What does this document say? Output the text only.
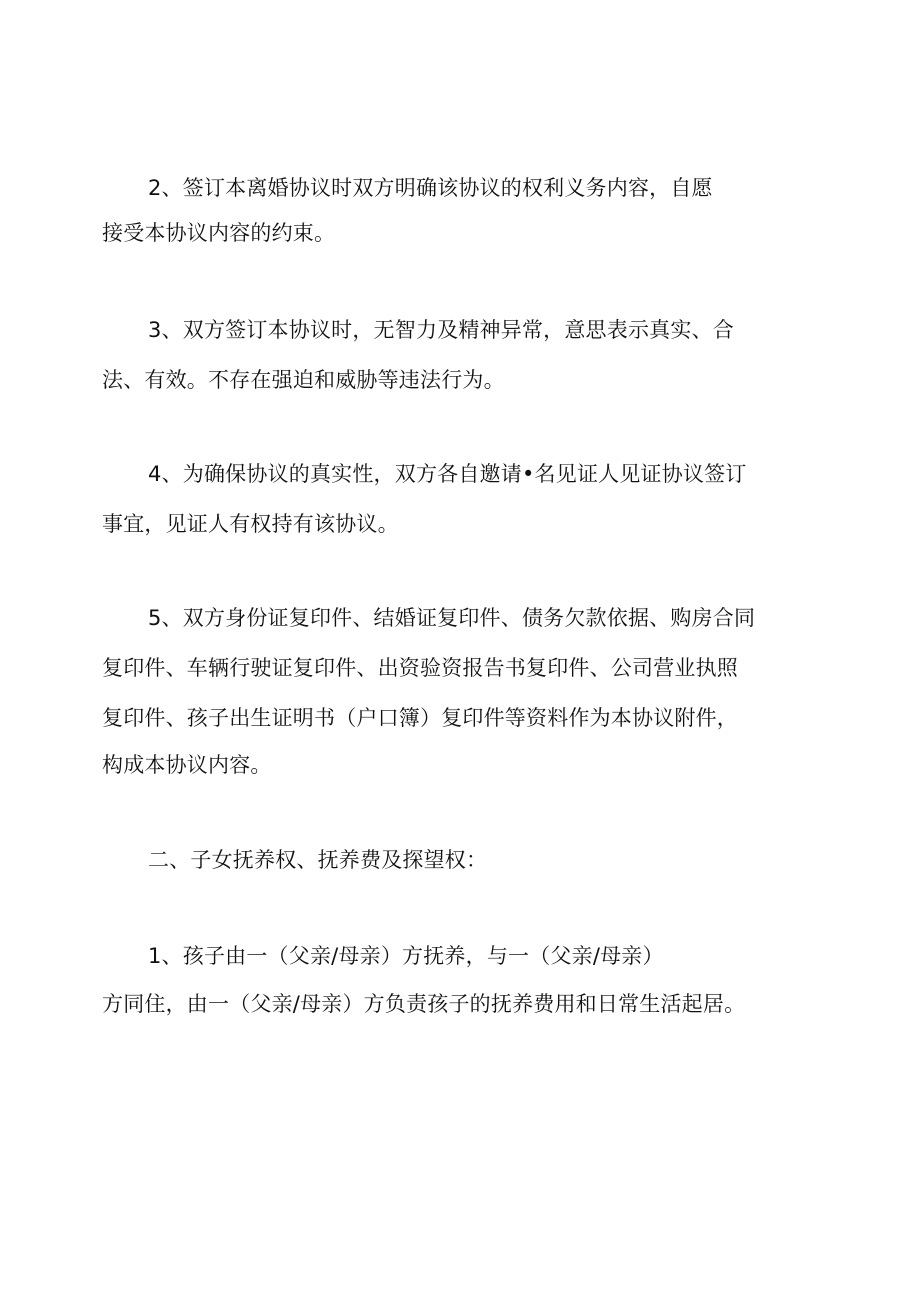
2、签订本离婚协议时双方明确该协议的权利义务内容，自愿

接受本协议内容的约束。

3、双方签订本协议时，无智力及精神异常，意思表示真实、合

法、有效。不存在强迫和威胁等违法行为。

4、为确保协议的真实性，双方各自邀请•名见证人见证协议签订

事宜，见证人有权持有该协议。

5、双方身份证复印件、结婚证复印件、债务欠款依据、购房合同

复印件、车辆行驶证复印件、出资验资报告书复印件、公司营业执照

复印件、孩子出生证明书（户口簿）复印件等资料作为本协议附件，

构成本协议内容。

二、子女抚养权、抚养费及探望权：

1、孩子由一（父亲/母亲）方抚养，与一（父亲/母亲）

方同住，由一（父亲/母亲）方负责孩子的抚养费用和日常生活起居。
